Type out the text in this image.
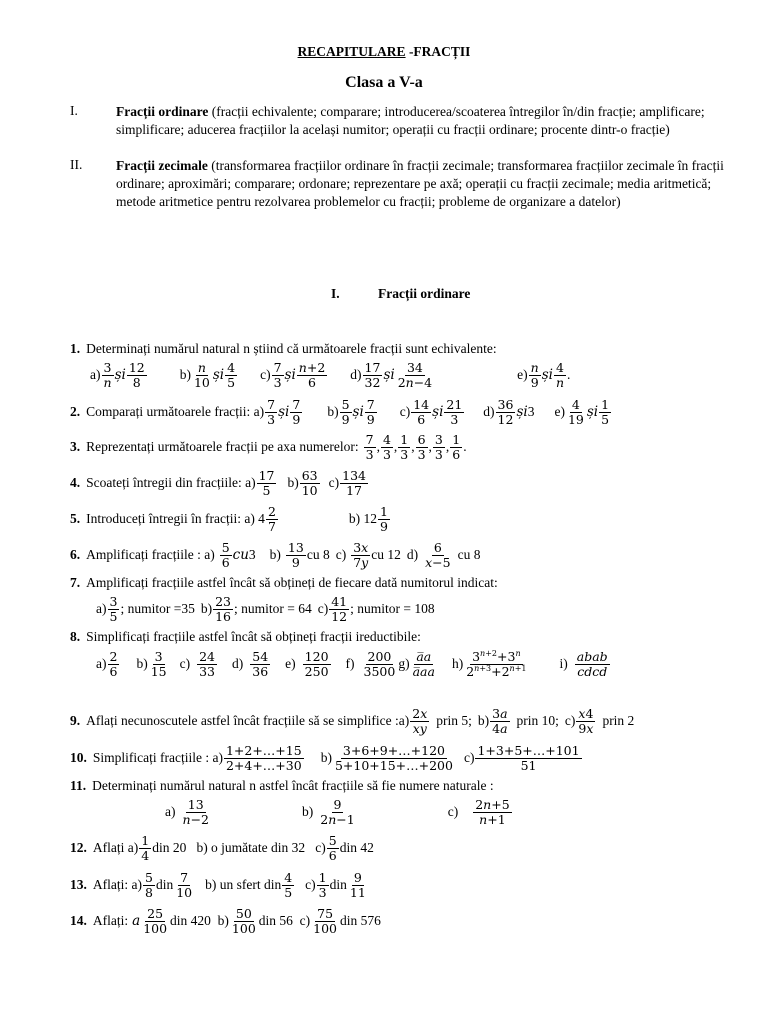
RECAPITULARE -FRACȚII
Clasa a V-a
I.	Fracții ordinare (fracții echivalente; comparare; introducerea/scoaterea întregilor în/din fracție; amplificare; simplificare; aducerea fracțiilor la același numitor; operații cu fracții ordinare; procente dintr-o fracție)
II. Fracții zecimale (transformarea fracțiilor ordinare în fracții zecimale; transformarea fracțiilor zecimale în fracții ordinare; aproximări; comparare; ordonare; reprezentare pe axă; operații cu fracții zecimale; media aritmetică; metode aritmetice pentru rezolvarea problemelor cu fracții; probleme de organizare a datelor)
I.	Fracții ordinare
1. Determinați numărul natural n știind că următoarele fracții sunt echivalente:
a) 3
n și 12
8	b) n
10 și 4
5 c) 7
3 și n+2
6	d) 17
32 și 34
2n−4	e) n
9 și 4
n .
2. Comparați următoarele fracții: a) 7
3 și 7
9 b) 5
9 și 7
9 c) 14
6 și 21
3 d) 36
12 și 3 e) 4
19 și 1
5
3. Reprezentați următoarele fracții pe axa numerelor: 7
3 , 4
3 , 1
3 , 6
3 , 3
3 , 1
6 .
4. Scoateți întregii din fracțiile: a) 17
5 b) 63
10 c) 134
17
5. Introduceți întregii în fracții: a) 4 2
7	b) 12 1
9
6. Amplificați fracțiile : a) 5
6 cu 3 b) 13
9 cu 8 c) 3x
7y cu 12 d) 6
x−5 cu 8
7. Amplificați fracțiile astfel încât să obțineți de fiecare dată numitorul indicat:
a) 3
5 ; numitor =35 b) 23
16 ; numitor = 64 c) 41
12 ; numitor = 108
8. Simplificați fracțiile astfel încât să obțineți fracții ireductibile:
a) 2
6 b) 3
15 c) 24
33 d) 54
36 e) 120
250 f) 200
3500 g) a̅a
a̅aa h) $3^{n+2}+3^n$
$2^{n+3}+2^{n+1}$ i) abab
cdcd
9. Aflați necunoscutele astfel încât fracțiile să se simplifice :a) 2x
xy prin 5; b) 3a
4a prin 10; c) x4
9x prin 2
10. Simplificați fracțiile : a) 1+2+…+15
2+4+…+30 b) 3+6+9+…+120
5+10+15+…+200 c) 1+3+5+…+101
51
11. Determinați numărul natural n astfel încât fracțiile să fie numere naturale :
a) 13
n−2	b) 9
2n−1	c) 2n+5
n+1
12. Aflați a) 1
4 din 20   b) o jumătate din 32   c) 5
6 din 42
13. Aflați: a) 5
8 din 7
10 b) un sfert din 4
5 c) 1
3 din 9
11
14. Aflați: a 25
100 din 420  b) 50
100 din 56  c) 75
100 din 576
